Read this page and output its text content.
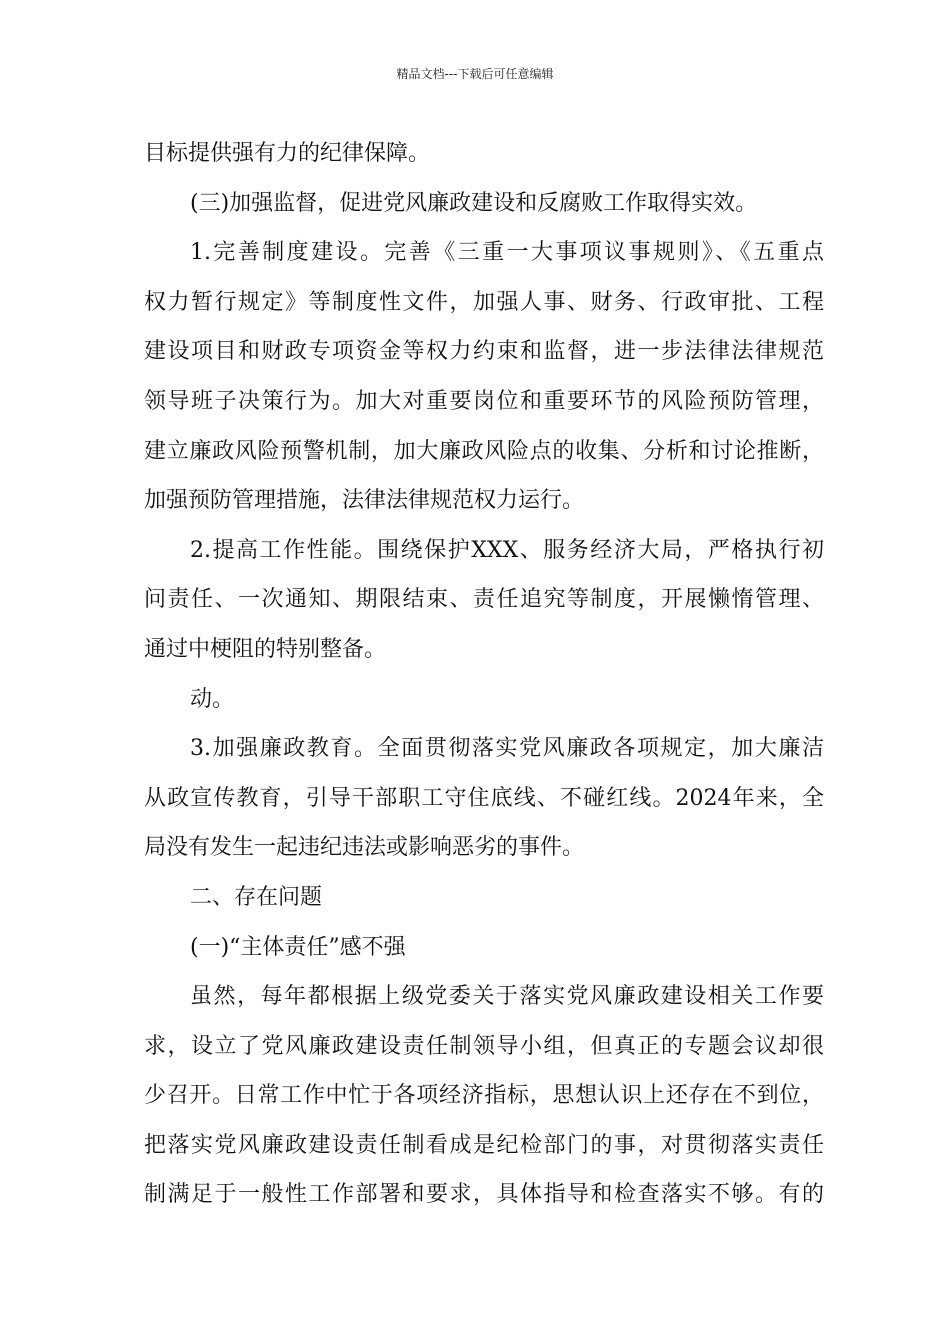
精品文档---下载后可任意编辑
目标提供强有力的纪律保障。
(三)加强监督，促进党风廉政建设和反腐败工作取得实效。
1.完善制度建设。完善《三重一大事项议事规则》、《五重点
权力暂行规定》等制度性文件，加强人事、财务、行政审批、工程
建设项目和财政专项资金等权力约束和监督，进一步法律法律规范
领导班子决策行为。加大对重要岗位和重要环节的风险预防管理，
建立廉政风险预警机制，加大廉政风险点的收集、分析和讨论推断，
加强预防管理措施，法律法律规范权力运行。
2.提高工作性能。围绕保护XXX、服务经济大局，严格执行初
问责任、一次通知、期限结束、责任追究等制度，开展懒惰管理、
通过中梗阻的特别整备。
动。
3.加强廉政教育。全面贯彻落实党风廉政各项规定，加大廉洁
从政宣传教育，引导干部职工守住底线、不碰红线。2024年来，全
局没有发生一起违纪违法或影响恶劣的事件。
二、存在问题
(一)“主体责任”感不强
虽然，每年都根据上级党委关于落实党风廉政建设相关工作要
求，设立了党风廉政建设责任制领导小组，但真正的专题会议却很
少召开。日常工作中忙于各项经济指标，思想认识上还存在不到位，
把落实党风廉政建设责任制看成是纪检部门的事，对贯彻落实责任
制满足于一般性工作部署和要求，具体指导和检查落实不够。有的
